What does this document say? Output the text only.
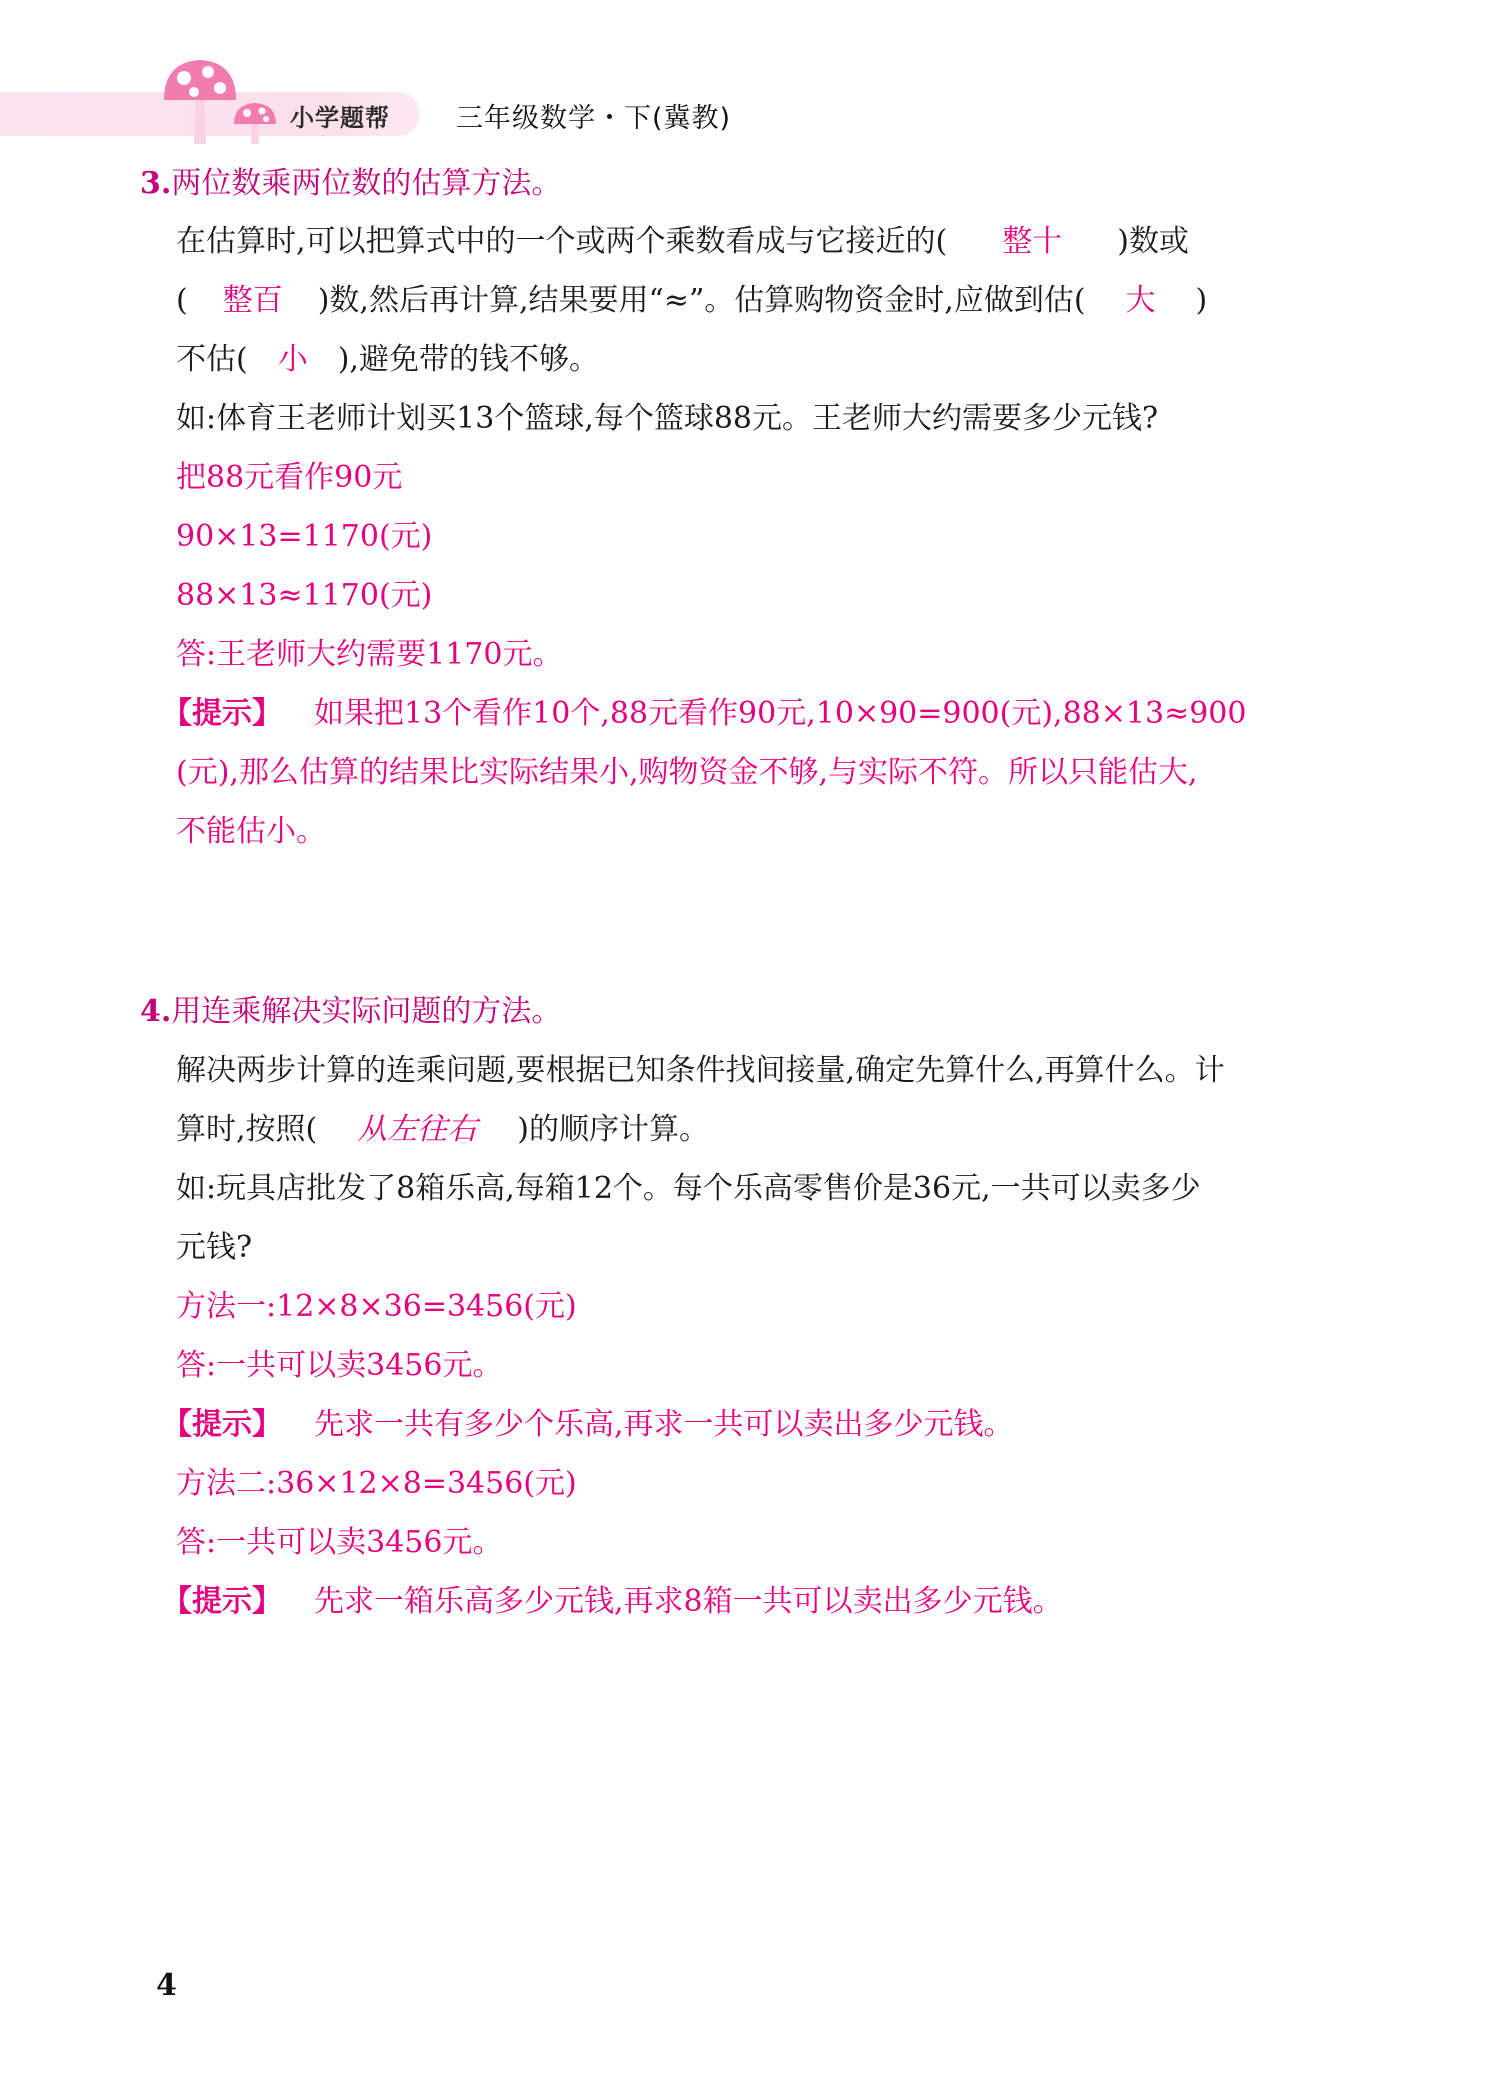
小学题帮 三年级数学・下(冀教)
3.两位数乘两位数的估算方法。
在估算时,可以把算式中的一个或两个乘数看成与它接近的( 整十 )数或
( 整百 )数,然后再计算,结果要用“≈”。估算购物资金时,应做到估( 大 )
不估( 小 ),避免带的钱不够。
如:体育王老师计划买13个篮球,每个篮球88元。王老师大约需要多少元钱?
把88元看作90元
90×13=1170(元)
88×13≈1170(元)
答:王老师大约需要1170元。
【提示】 如果把13个看作10个,88元看作90元,10×90=900(元),88×13≈900
(元),那么估算的结果比实际结果小,购物资金不够,与实际不符。所以只能估大,
不能估小。
4.用连乘解决实际问题的方法。
解决两步计算的连乘问题,要根据已知条件找间接量,确定先算什么,再算什么。计
算时,按照( 从左往右 )的顺序计算。
如:玩具店批发了8箱乐高,每箱12个。每个乐高零售价是36元,一共可以卖多少
元钱?
方法一:12×8×36=3456(元)
答:一共可以卖3456元。
【提示】 先求一共有多少个乐高,再求一共可以卖出多少元钱。
方法二:36×12×8=3456(元)
答:一共可以卖3456元。
【提示】 先求一箱乐高多少元钱,再求8箱一共可以卖出多少元钱。
4
